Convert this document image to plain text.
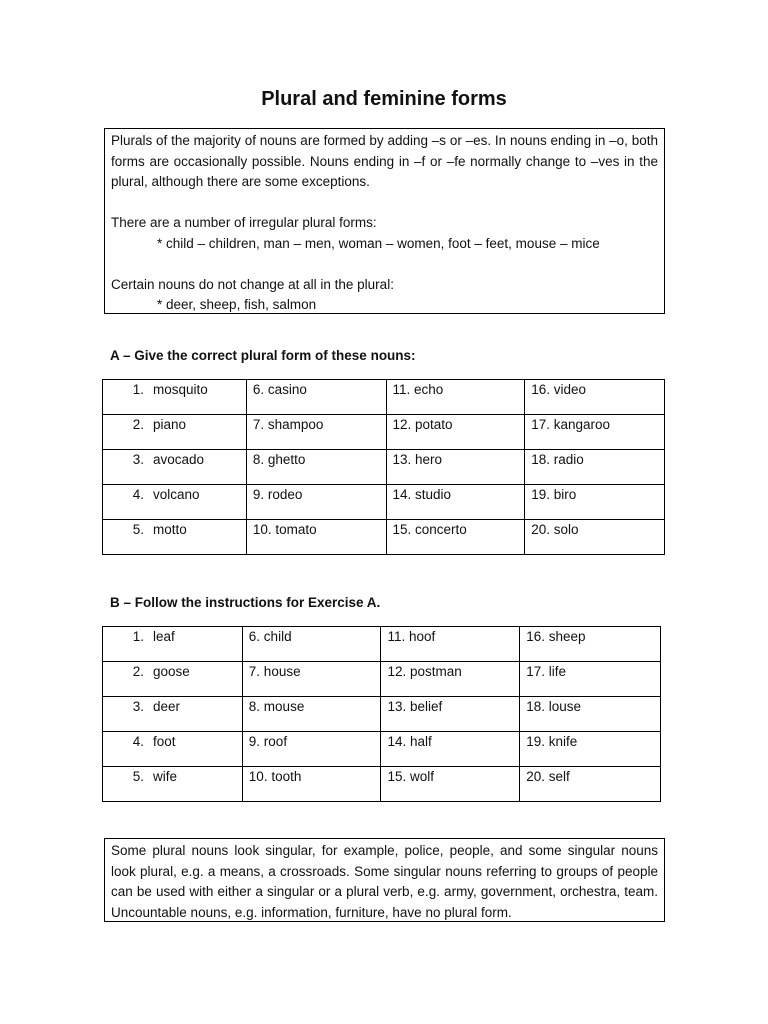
Plural and feminine forms

Plurals of the majority of nouns are formed by adding –s or –es. In nouns ending in –o, both forms are occasionally possible. Nouns ending in –f or –fe normally change to –ves in the plural, although there are some exceptions.

There are a number of irregular plural forms:

* child – children, man – men, woman – women, foot – feet, mouse – mice

Certain nouns do not change at all in the plural:

* deer, sheep, fish, salmon

A – Give the correct plural form of these nouns:
1. mosquito	6. casino	11. echo	16. video
2. piano	7. shampoo	12. potato	17. kangaroo
3. avocado	8. ghetto	13. hero	18. radio
4. volcano	9. rodeo	14. studio	19. biro
5. motto	10. tomato	15. concerto	20. solo
B – Follow the instructions for Exercise A.
1. leaf	6. child	11. hoof	16. sheep
2. goose	7. house	12. postman	17. life
3. deer	8. mouse	13. belief	18. louse
4. foot	9. roof	14. half	19. knife
5. wife	10. tooth	15. wolf	20. self
Some plural nouns look singular, for example, police, people, and some singular nouns look plural, e.g. a means, a crossroads. Some singular nouns referring to groups of people can be used with either a singular or a plural verb, e.g. army, government, orchestra, team. Uncountable nouns, e.g. information, furniture, have no plural form.
